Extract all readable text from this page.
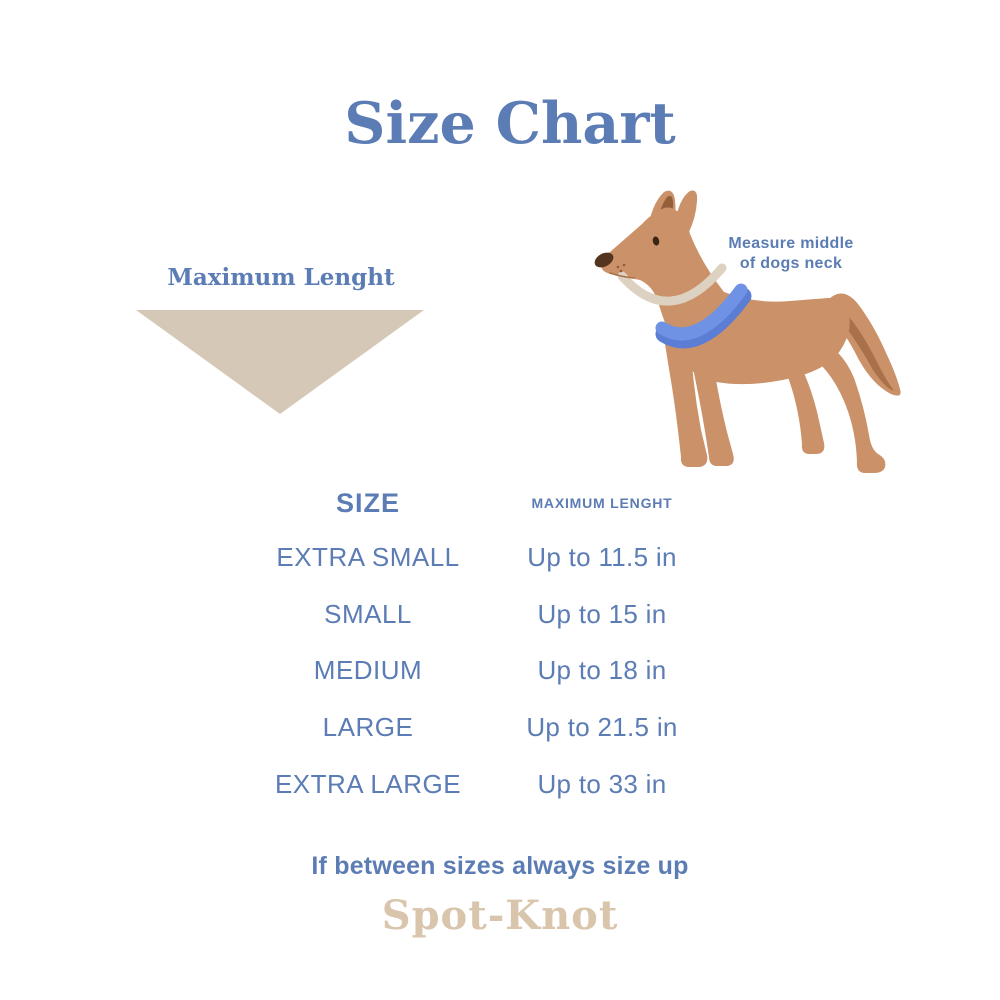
Size Chart
Maximum Lenght
Measure middle
of dogs neck
SIZE	MAXIMUM LENGHT
EXTRA SMALL	Up to 11.5 in
SMALL	Up to 15 in
MEDIUM	Up to 18 in
LARGE	Up to 21.5 in
EXTRA LARGE	Up to 33 in
If between sizes always size up
Spot-Knot
